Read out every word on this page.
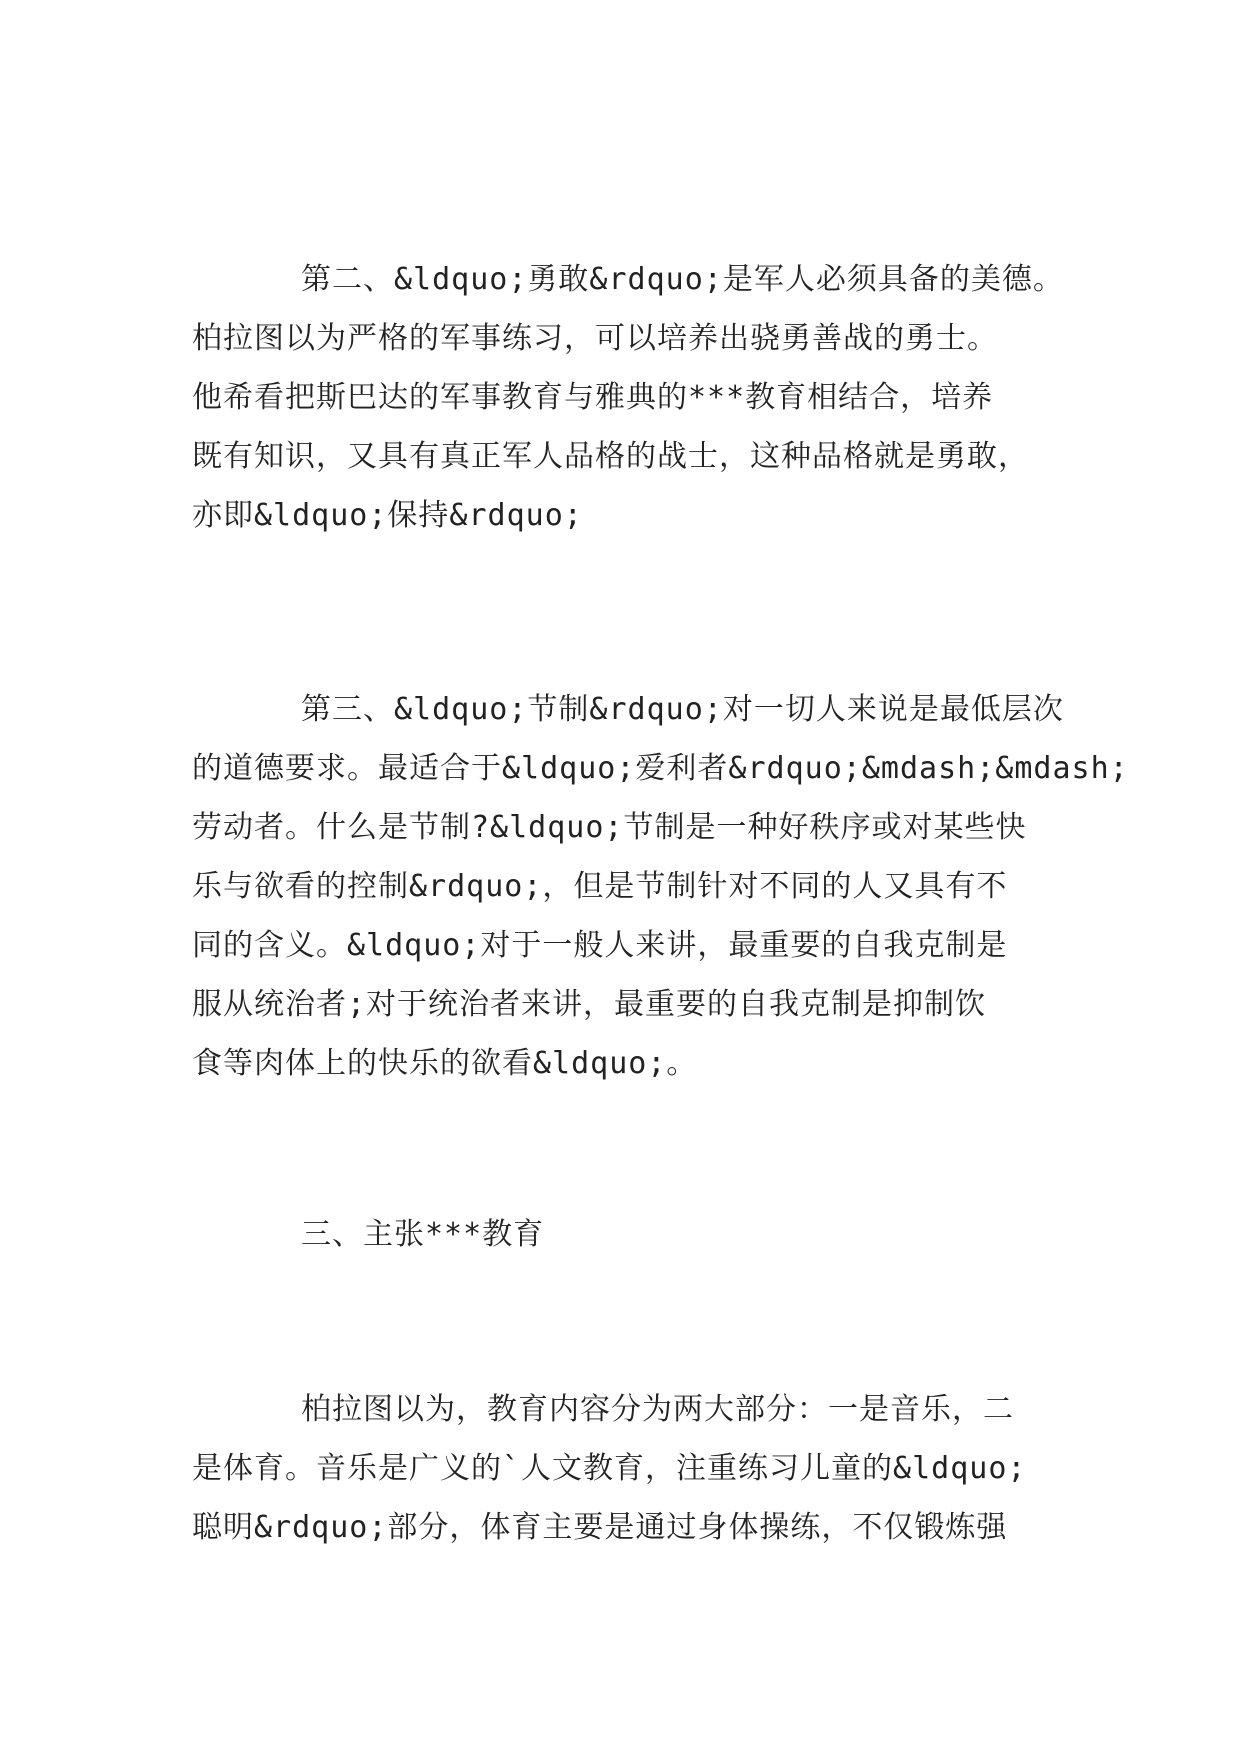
第二、&ldquo;勇敢&rdquo;是军人必须具备的美德。
柏拉图以为严格的军事练习，可以培养出骁勇善战的勇士。
他希看把斯巴达的军事教育与雅典的***教育相结合，培养
既有知识，又具有真正军人品格的战士，这种品格就是勇敢，
亦即&ldquo;保持&rdquo;
第三、&ldquo;节制&rdquo;对一切人来说是最低层次
的道德要求。最适合于&ldquo;爱利者&rdquo;&mdash;&mdash;
劳动者。什么是节制?&ldquo;节制是一种好秩序或对某些快
乐与欲看的控制&rdquo;，但是节制针对不同的人又具有不
同的含义。&ldquo;对于一般人来讲，最重要的自我克制是
服从统治者;对于统治者来讲，最重要的自我克制是抑制饮
食等肉体上的快乐的欲看&ldquo;。
三、主张***教育
柏拉图以为，教育内容分为两大部分：一是音乐，二
是体育。音乐是广义的`人文教育，注重练习儿童的&ldquo;
聪明&rdquo;部分，体育主要是通过身体操练，不仅锻炼强
